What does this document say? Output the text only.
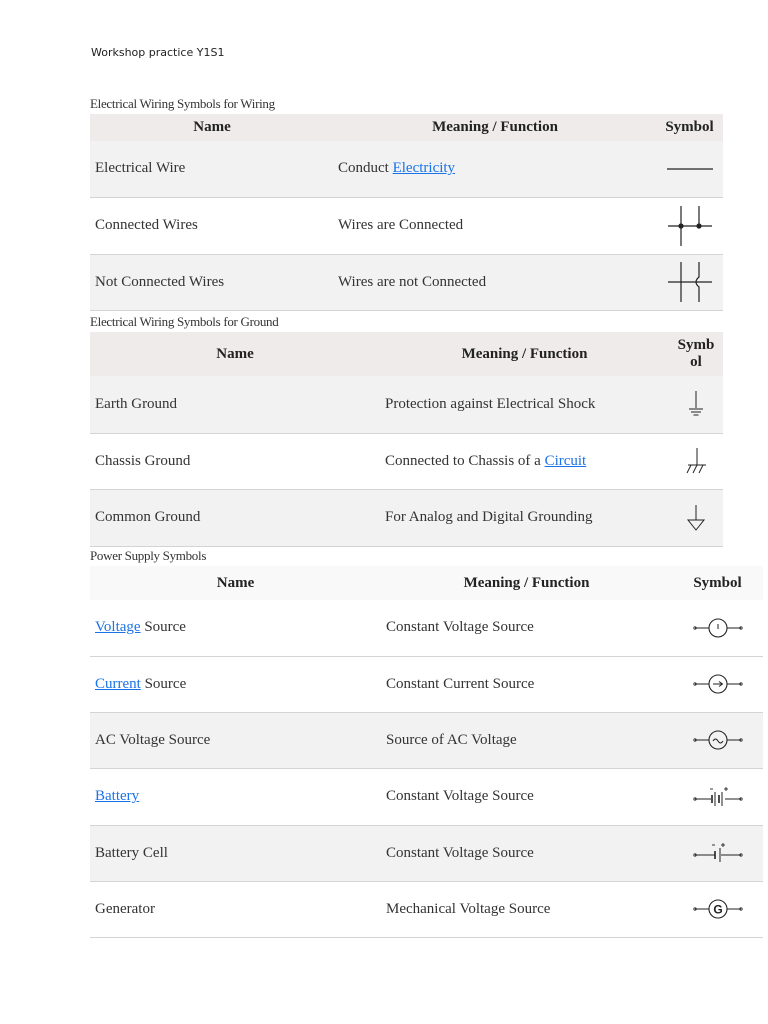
Workshop practice Y1S1
Electrical Wiring Symbols for Wiring
Name	Meaning / Function	Symbol
Electrical Wire	Conduct Electricity	
Connected Wires	Wires are Connected	
Not Connected Wires	Wires are not Connected	
Electrical Wiring Symbols for Ground
Name	Meaning / Function	Symb
ol
Earth Ground	Protection against Electrical Shock	
Chassis Ground	Connected to Chassis of a Circuit	
Common Ground	For Analog and Digital Grounding	
Power Supply Symbols
Name	Meaning / Function	Symbol
Voltage Source	Constant Voltage Source	
Current Source	Constant Current Source	
AC Voltage Source	Source of AC Voltage	
Battery	Constant Voltage Source	
Battery Cell	Constant Voltage Source	
Generator	Mechanical Voltage Source	G
